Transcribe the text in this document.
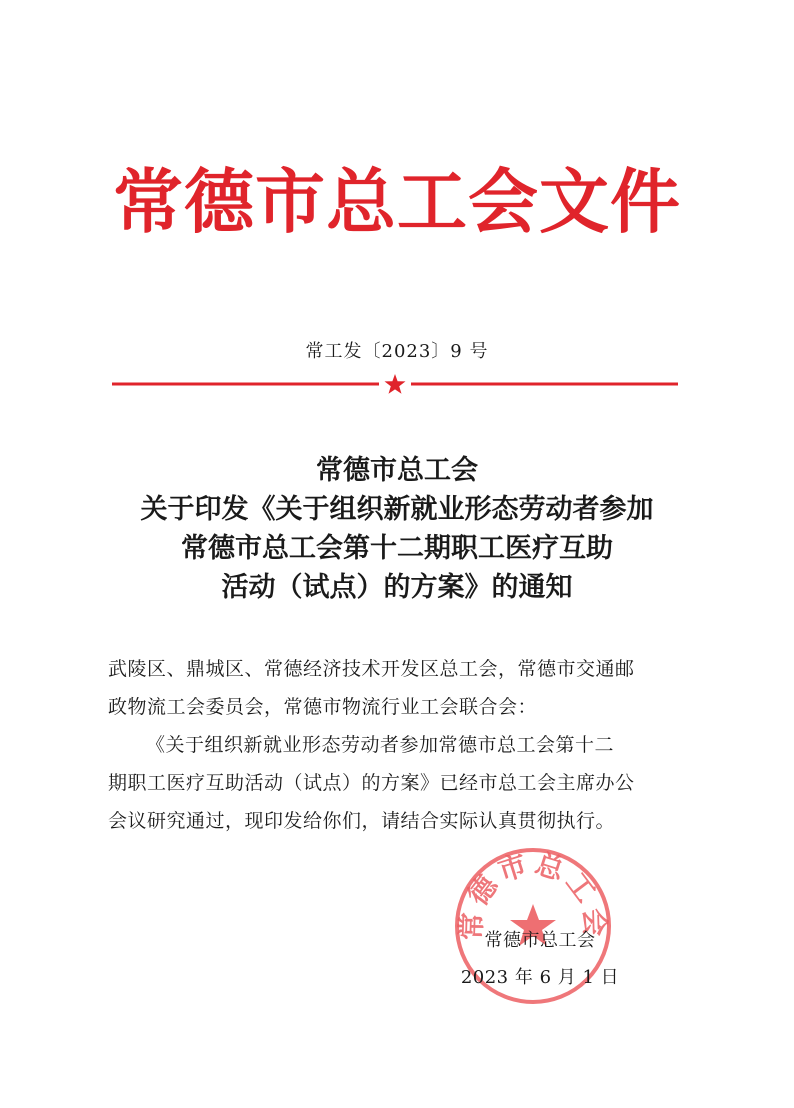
常德市总工会文件
常工发〔2023〕9 号
常德市总工会
关于印发《关于组织新就业形态劳动者参加
常德市总工会第十二期职工医疗互助
活动（试点）的方案》的通知

武陵区、鼎城区、常德经济技术开发区总工会，常德市交通邮

政物流工会委员会，常德市物流行业工会联合会：

《关于组织新就业形态劳动者参加常德市总工会第十二

期职工医疗互助活动（试点）的方案》已经市总工会主席办公

会议研究通过，现印发给你们，请结合实际认真贯彻执行。

常德市总工会
常德市总工会
2023 年 6 月 1 日
